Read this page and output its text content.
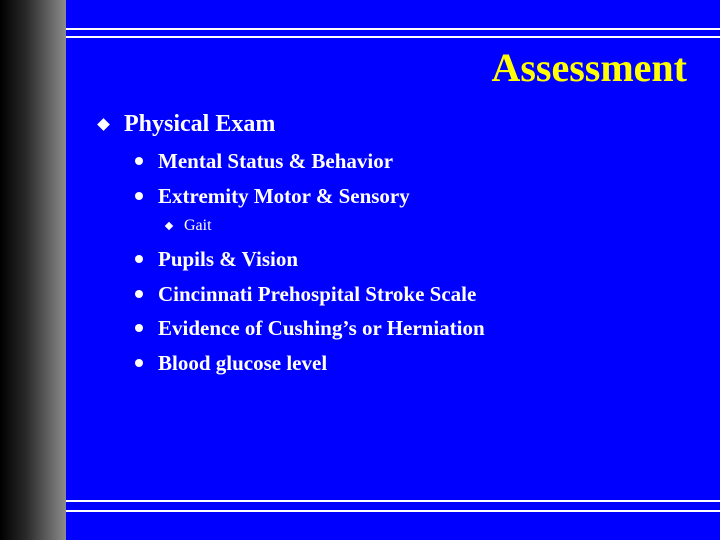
Assessment
Physical Exam
Mental Status & Behavior
Extremity Motor & Sensory
Gait
Pupils & Vision
Cincinnati Prehospital Stroke Scale
Evidence of Cushing’s or Herniation
Blood glucose level
